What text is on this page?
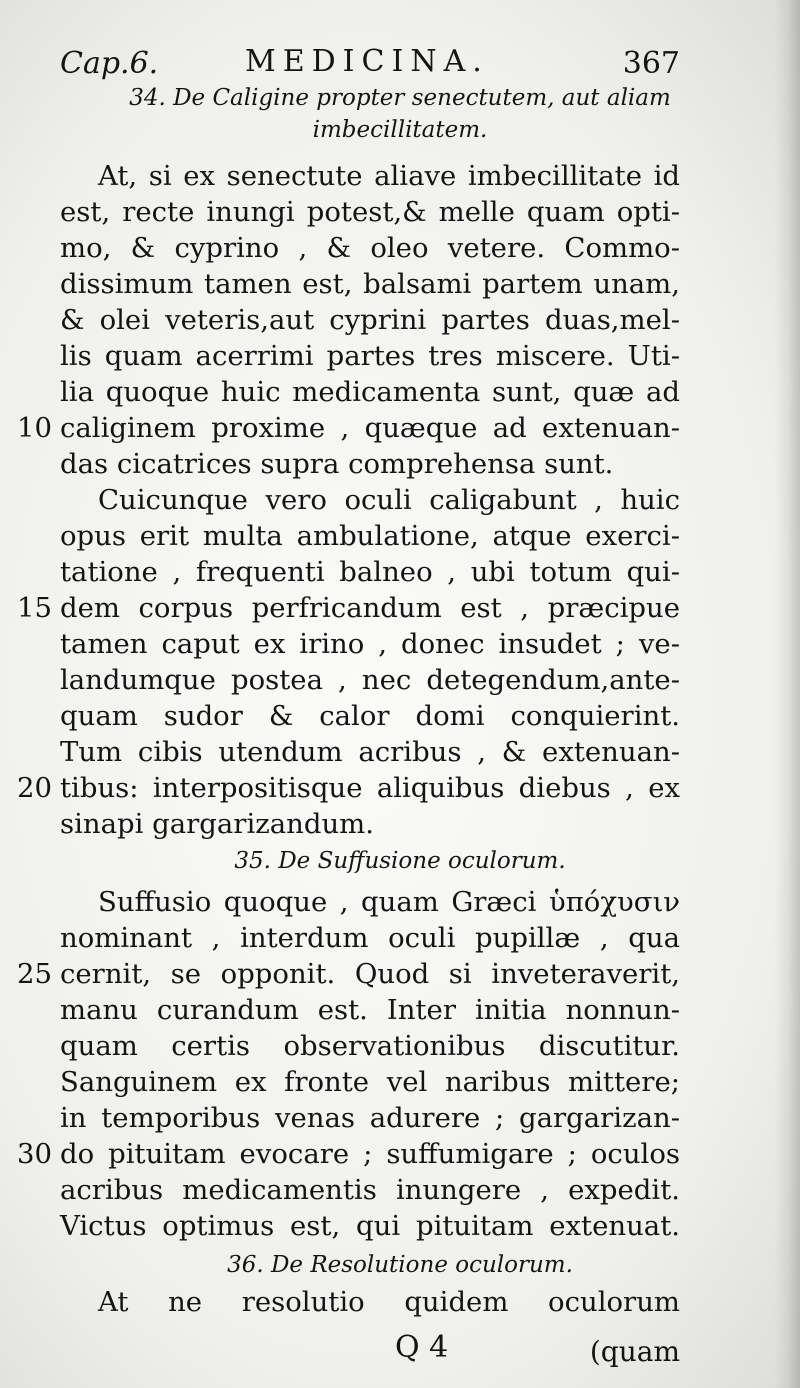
Cap.6.	MEDICINA.	367
34. De Caligine propter senectutem, aut aliam
imbecillitatem.
At, si ex senectute aliave imbecillitate id
est, recte inungi potest,& melle quam opti-
mo, & cyprino , & oleo vetere. Commo-
dissimum tamen est, balsami partem unam,
& olei veteris,aut cyprini partes duas,mel-
lis quam acerrimi partes tres miscere. Uti-
lia quoque huic medicamenta sunt, quæ ad
10 caliginem proxime , quæque ad extenuan-
das cicatrices supra comprehensa sunt.
Cuicunque vero oculi caligabunt , huic
opus erit multa ambulatione, atque exerci-
tatione , frequenti balneo , ubi totum qui-
15 dem corpus perfricandum est , præcipue
tamen caput ex irino , donec insudet ; ve-
landumque postea , nec detegendum,ante-
quam sudor & calor domi conquierint.
Tum cibis utendum acribus , & extenuan-
20 tibus: interpositisque aliquibus diebus , ex
sinapi gargarizandum.
35. De Suffusione oculorum.
Suffusio quoque , quam Græci ὑπόχυσιν
nominant , interdum oculi pupillæ , qua
25 cernit, se opponit. Quod si inveteraverit,
manu curandum est. Inter initia nonnun-
quam certis observationibus discutitur.
Sanguinem ex fronte vel naribus mittere;
in temporibus venas adurere ; gargarizan-
30 do pituitam evocare ; suffumigare ; oculos
acribus medicamentis inungere , expedit.
Victus optimus est, qui pituitam extenuat.
36. De Resolutione oculorum.
At ne resolutio quidem oculorum
Q 4	(quam
